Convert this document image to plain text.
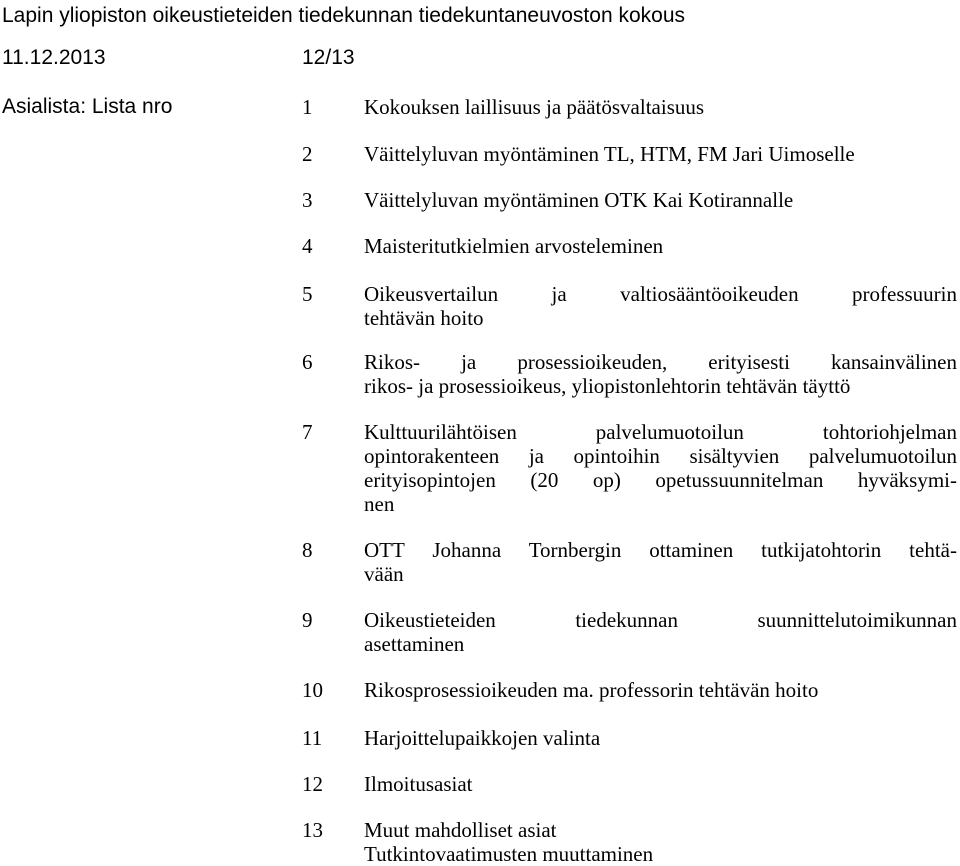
Lapin yliopiston oikeustieteiden tiedekunnan tiedekuntaneuvoston kokous
11.12.2013	12/13
Asialista: Lista nro	1 Kokouksen laillisuus ja päätösvaltaisuus
2 Väittelyluvan myöntäminen TL, HTM, FM Jari Uimoselle
3 Väittelyluvan myöntäminen OTK Kai Kotirannalle
4 Maisteritutkielmien arvosteleminen
5 Oikeusvertailun ja valtiosääntöoikeuden professuurin
tehtävän hoito
6 Rikos- ja prosessioikeuden, erityisesti kansainvälinen
rikos- ja prosessioikeus, yliopistonlehtorin tehtävän täyttö
7 Kulttuurilähtöisen palvelumuotoilun tohtoriohjelman
opintorakenteen ja opintoihin sisältyvien palvelumuotoilun
erityisopintojen (20 op) opetussuunnitelman hyväksymi-
nen
8 OTT Johanna Tornbergin ottaminen tutkijatohtorin tehtä-
vään
9 Oikeustieteiden tiedekunnan suunnittelutoimikunnan
asettaminen
10 Rikosprosessioikeuden ma. professorin tehtävän hoito
11 Harjoittelupaikkojen valinta
12 Ilmoitusasiat
13 Muut mahdolliset asiat
Tutkintovaatimusten muuttaminen
